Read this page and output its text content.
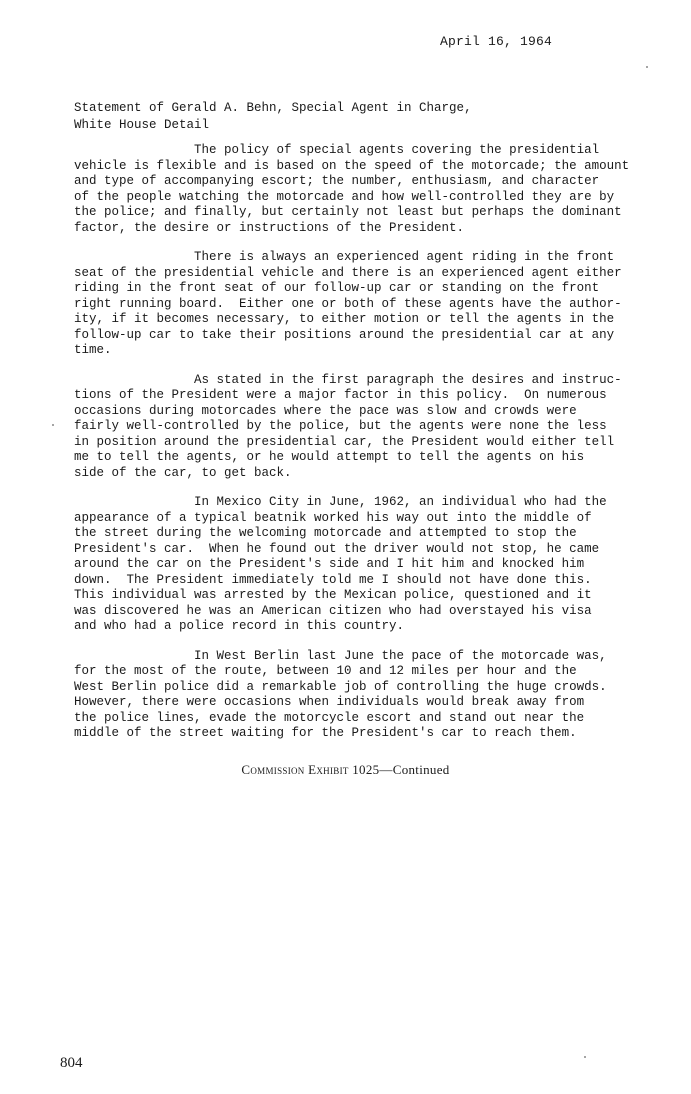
April 16, 1964
Statement of Gerald A. Behn, Special Agent in Charge,
White House Detail
The policy of special agents covering the presidential
vehicle is flexible and is based on the speed of the motorcade; the amount
and type of accompanying escort; the number, enthusiasm, and character
of the people watching the motorcade and how well-controlled they are by
the police; and finally, but certainly not least but perhaps the dominant
factor, the desire or instructions of the President.
There is always an experienced agent riding in the front
seat of the presidential vehicle and there is an experienced agent either
riding in the front seat of our follow-up car or standing on the front
right running board.  Either one or both of these agents have the author-
ity, if it becomes necessary, to either motion or tell the agents in the
follow-up car to take their positions around the presidential car at any
time.
As stated in the first paragraph the desires and instruc-
tions of the President were a major factor in this policy.  On numerous
occasions during motorcades where the pace was slow and crowds were
fairly well-controlled by the police, but the agents were none the less
in position around the presidential car, the President would either tell
me to tell the agents, or he would attempt to tell the agents on his
side of the car, to get back.
In Mexico City in June, 1962, an individual who had the
appearance of a typical beatnik worked his way out into the middle of
the street during the welcoming motorcade and attempted to stop the
President's car.  When he found out the driver would not stop, he came
around the car on the President's side and I hit him and knocked him
down.  The President immediately told me I should not have done this.
This individual was arrested by the Mexican police, questioned and it
was discovered he was an American citizen who had overstayed his visa
and who had a police record in this country.
In West Berlin last June the pace of the motorcade was,
for the most of the route, between 10 and 12 miles per hour and the
West Berlin police did a remarkable job of controlling the huge crowds.
However, there were occasions when individuals would break away from
the police lines, evade the motorcycle escort and stand out near the
middle of the street waiting for the President's car to reach them.
Commission Exhibit 1025—Continued
804
